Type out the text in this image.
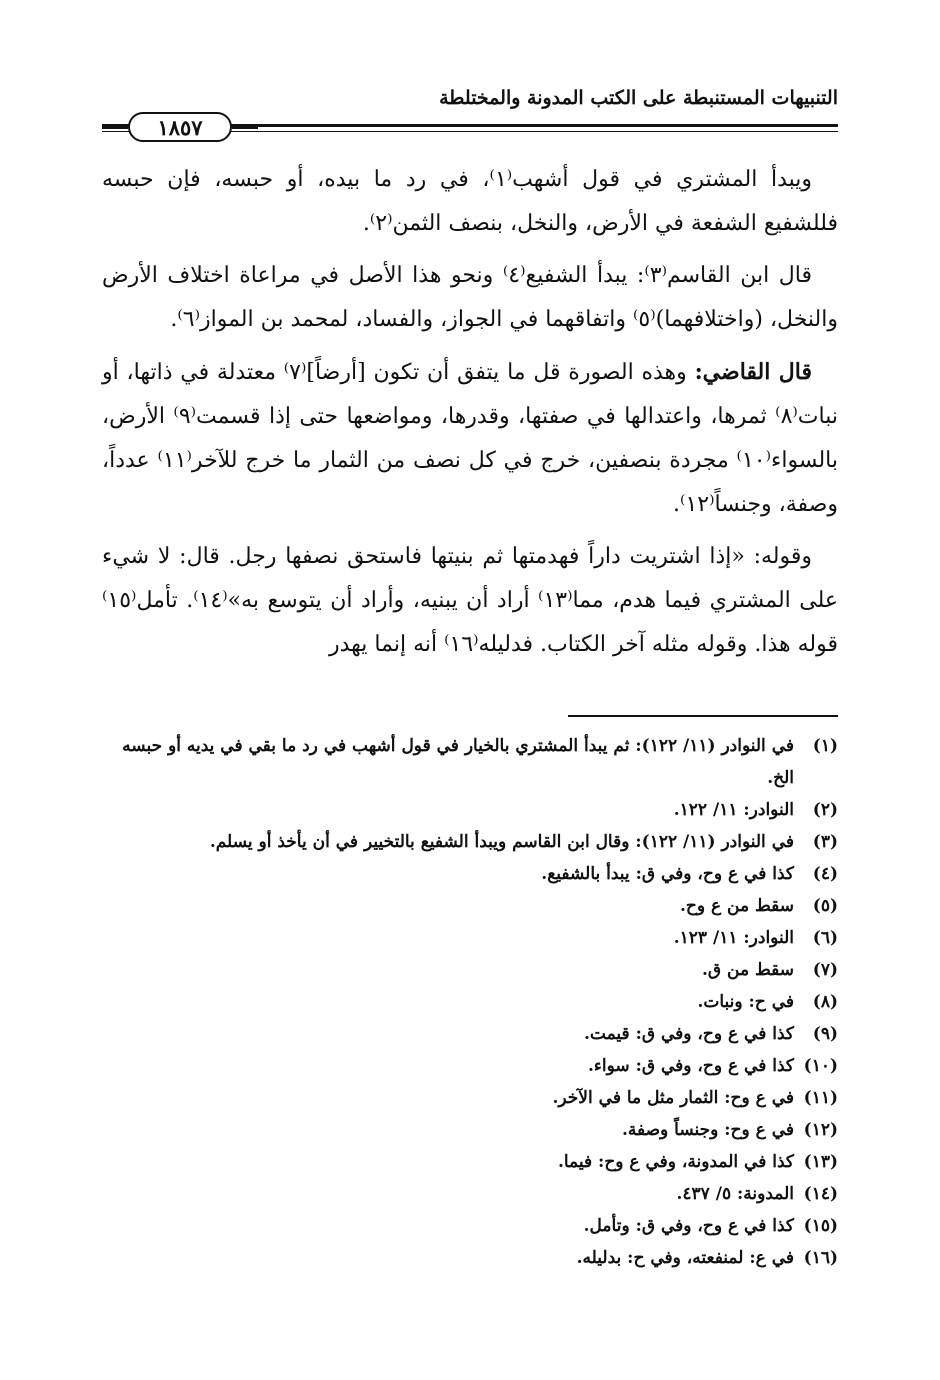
التنبيهات المستنبطة على الكتب المدونة والمختلطة
١٨٥٧

ويبدأ المشتري في قول أشهب⁽١⁾، في رد ما بيده، أو حبسه، فإن حبسه فللشفيع الشفعة في الأرض، والنخل، بنصف الثمن⁽٢⁾.

قال ابن القاسم⁽٣⁾: يبدأ الشفيع⁽٤⁾ ونحو هذا الأصل في مراعاة اختلاف الأرض والنخل، (واختلافهما)⁽٥⁾ واتفاقهما في الجواز، والفساد، لمحمد بن المواز⁽٦⁾.

قال القاضي: وهذه الصورة قل ما يتفق أن تكون [أرضاً]⁽٧⁾ معتدلة في ذاتها، أو نبات⁽٨⁾ ثمرها، واعتدالها في صفتها، وقدرها، ومواضعها حتى إذا قسمت⁽٩⁾ الأرض، بالسواء⁽١٠⁾ مجردة بنصفين، خرج في كل نصف من الثمار ما خرج للآخر⁽١١⁾ عدداً، وصفة، وجنساً⁽١٢⁾.

وقوله: «إذا اشتريت داراً فهدمتها ثم بنيتها فاستحق نصفها رجل. قال: لا شيء على المشتري فيما هدم، مما⁽١٣⁾ أراد أن يبنيه، وأراد أن يتوسع به»⁽١٤⁾. تأمل⁽١٥⁾ قوله هذا. وقوله مثله آخر الكتاب. فدليله⁽١٦⁾ أنه إنما يهدر

(١)
في النوادر (١١/ ١٢٢): ثم يبدأ المشتري بالخيار في قول أشهب في رد ما بقي في يديه أو حبسه الخ.
(٢)
النوادر: ١١/ ١٢٢.
(٣)
في النوادر (١١/ ١٢٢): وقال ابن القاسم ويبدأ الشفيع بالتخيير في أن يأخذ أو يسلم.
(٤)
كذا في ع وح، وفي ق: يبدأ بالشفيع.
(٥)
سقط من ع وح.
(٦)
النوادر: ١١/ ١٢٣.
(٧)
سقط من ق.
(٨)
في ح: ونبات.
(٩)
كذا في ع وح، وفي ق: قيمت.
(١٠)
كذا في ع وح، وفي ق: سواء.
(١١)
في ع وح: الثمار مثل ما في الآخر.
(١٢)
في ع وح: وجنساً وصفة.
(١٣)
كذا في المدونة، وفي ع وح: فيما.
(١٤)
المدونة: ٥/ ٤٣٧.
(١٥)
كذا في ع وح، وفي ق: وتأمل.
(١٦)
في ع: لمنفعته، وفي ح: بدليله.
